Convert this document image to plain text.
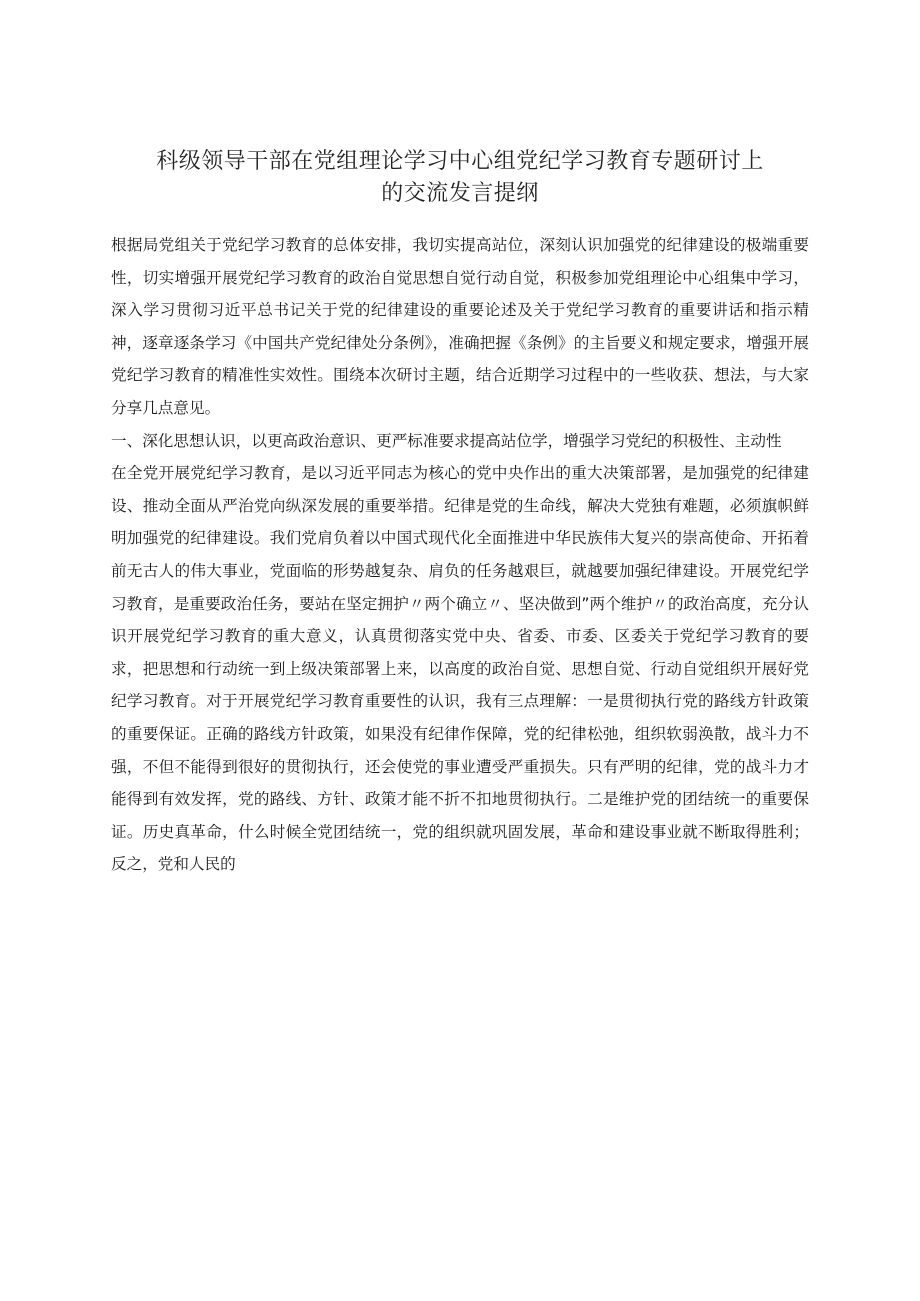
科级领导干部在党组理论学习中心组党纪学习教育专题研讨上
的交流发言提纲

根据局党组关于党纪学习教育的总体安排，我切实提高站位，深刻认识加强党的纪律建设的极端重要性，切实增强开展党纪学习教育的政治自觉思想自觉行动自觉，积极参加党组理论中心组集中学习，深入学习贯彻习近平总书记关于党的纪律建设的重要论述及关于党纪学习教育的重要讲话和指示精神，逐章逐条学习《中国共产党纪律处分条例》，准确把握《条例》的主旨要义和规定要求，增强开展党纪学习教育的精准性实效性。围绕本次研讨主题，结合近期学习过程中的一些收获、想法，与大家分享几点意见。

一、深化思想认识，以更高政治意识、更严标准要求提高站位学，增强学习党纪的积极性、主动性

在全党开展党纪学习教育，是以习近平同志为核心的党中央作出的重大决策部署，是加强党的纪律建设、推动全面从严治党向纵深发展的重要举措。纪律是党的生命线，解决大党独有难题，必须旗帜鲜明加强党的纪律建设。我们党肩负着以中国式现代化全面推进中华民族伟大复兴的崇高使命、开拓着前无古人的伟大事业，党面临的形势越复杂、肩负的任务越艰巨，就越要加强纪律建设。开展党纪学习教育，是重要政治任务，要站在坚定拥护〃两个确立〃、坚决做到”两个维护〃的政治高度，充分认识开展党纪学习教育的重大意义，认真贯彻落实党中央、省委、市委、区委关于党纪学习教育的要求，把思想和行动统一到上级决策部署上来，以高度的政治自觉、思想自觉、行动自觉组织开展好党纪学习教育。对于开展党纪学习教育重要性的认识，我有三点理解：一是贯彻执行党的路线方针政策的重要保证。正确的路线方针政策，如果没有纪律作保障，党的纪律松弛，组织软弱涣散，战斗力不强，不但不能得到很好的贯彻执行，还会使党的事业遭受严重损失。只有严明的纪律，党的战斗力才能得到有效发挥，党的路线、方针、政策才能不折不扣地贯彻执行。二是维护党的团结统一的重要保证。历史真革命，什么时候全党团结统一，党的组织就巩固发展，革命和建设事业就不断取得胜利；反之，党和人民的
